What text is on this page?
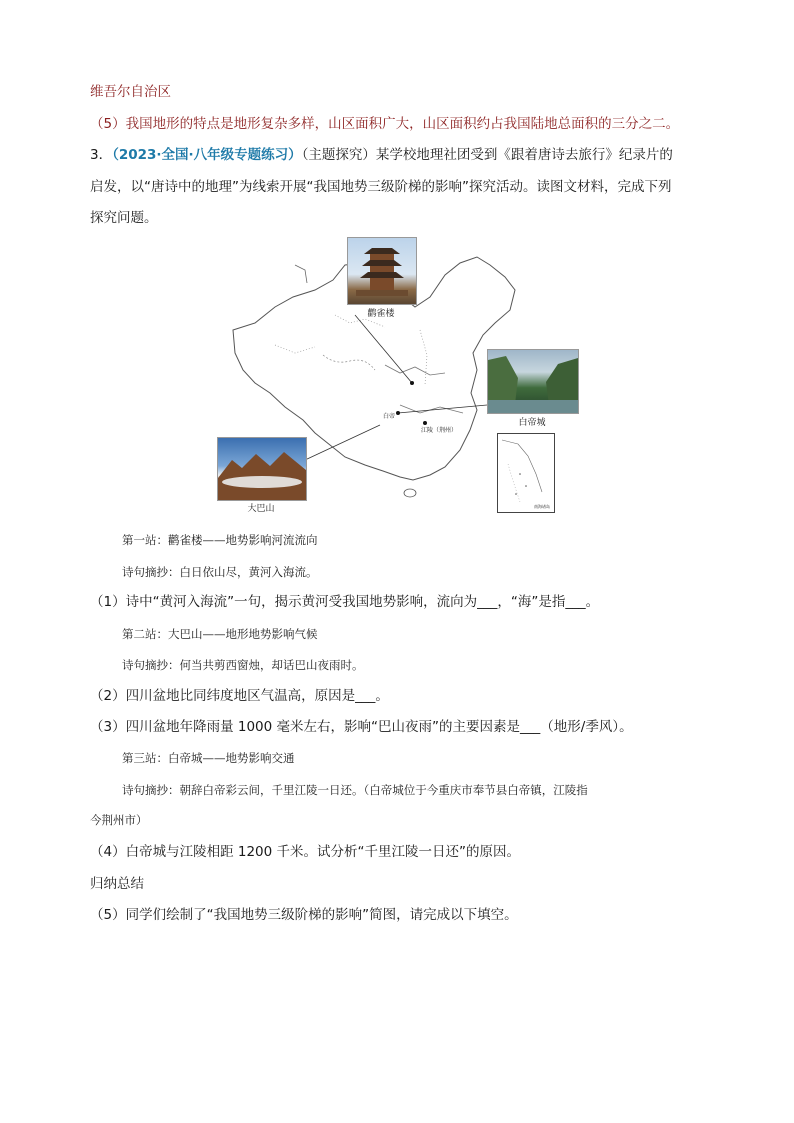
维吾尔自治区
（5）我国地形的特点是地形复杂多样，山区面积广大，山区面积约占我国陆地总面积的三分之二。
3．（2023·全国·八年级专题练习）（主题探究）某学校地理社团受到《跟着唐诗去旅行》纪录片的
启发，以“唐诗中的地理”为线索开展“我国地势三级阶梯的影响”探究活动。读图文材料，完成下列
探究问题。
鹳雀楼
白帝城
大巴山
白帝
江陵（荆州）
南海诸岛
第一站：鹳雀楼——地势影响河流流向
诗句摘抄：白日依山尽，黄河入海流。
（1）诗中“黄河入海流”一句，揭示黄河受我国地势影响，流向为___，“海”是指___。
第二站：大巴山——地形地势影响气候
诗句摘抄：何当共剪西窗烛，却话巴山夜雨时。
（2）四川盆地比同纬度地区气温高，原因是___。
（3）四川盆地年降雨量 1000 毫米左右，影响“巴山夜雨”的主要因素是___（地形/季风）。
第三站：白帝城——地势影响交通
诗句摘抄：朝辞白帝彩云间，千里江陵一日还。（白帝城位于今重庆市奉节县白帝镇，江陵指
今荆州市）
（4）白帝城与江陵相距 1200 千米。试分析“千里江陵一日还”的原因。
归纳总结
（5）同学们绘制了“我国地势三级阶梯的影响”简图，请完成以下填空。
